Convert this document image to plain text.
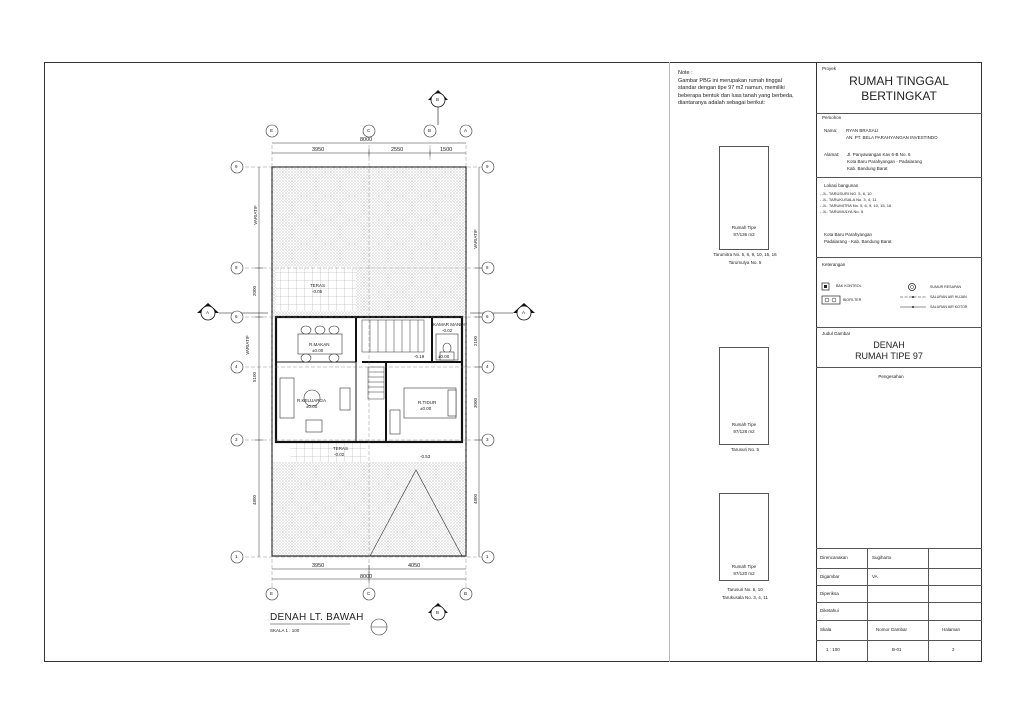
E	C	B	A
E	C	B
9
8
6
4
3
1
9
8
6
4
3
1
A	A
B
B
8000
3950	2550	1500
3950	4050
8000
VARIATIF
2000
VARIATIF
5100
4800
VARIATIF
2100
3000
4800
TERAS
-0.05
R.MAKAN
±0.00
R.KELUARGA
±0.00
R.TIDUR
±0.00
KAMAR MANDI
-0.02
±0.00
-0.19
TERAS
-0.02	-0.53
DENAH LT. BAWAH
SKALA 1 : 100
Note :
Gambar PBG ini merupakan rumah tinggal standar dengan tipe 97 m2 namun, memiliki beberapa bentuk dan luas tanah yang berbeda, diantaranya adalah sebagai berikut:
Rumah Tipe
97/136 m2
Tarumitra No. 5, 6, 9, 10, 15, 16
Tarumulya No. 5
Rumah Tipe
97/128 m2
Tarusuri No. 5
Rumah Tipe
97/120 m2
Tarusuri No. 6, 10
Tarukusala No. 3, 4, 11
Proyek
RUMAH TINGGAL
BERTINGKAT
Pemohon
Nama: RYAN BRASALI
AN. PT. BELA PARAHYANGAN INVESTINDO
Alamat: Jl. Panyawangan Kav 6-B No. 6
Kota Baru Parahyangan - Padalarang
Kab. Bandung Barat
Lokasi bangunan
- JL. TARUSURI NO. 5, 6, 10
- JL. TARUKUSALA No. 3, 4, 11
- JL. TARUMITRA No. 5, 6, 9, 10, 15, 16
- JL. TARUMULYA No. 5
Kota Baru Parahyangan
Padalarang - Kab. Bandung Barat
Keterangan
BAK KONTROL
BIOFILTER
SUMUR RESAPAN
SALURAN AIR HUJAN
SALURAN AIR KOTOR
Judul Gambar
DENAH
RUMAH TIPE 97
Pengesahan
Direncanakan	Sugiharto
Digambar	VA
Diperiksa
Diketahui
Skala	Nomor Gambar	Halaman
1 : 100	B-01	2
